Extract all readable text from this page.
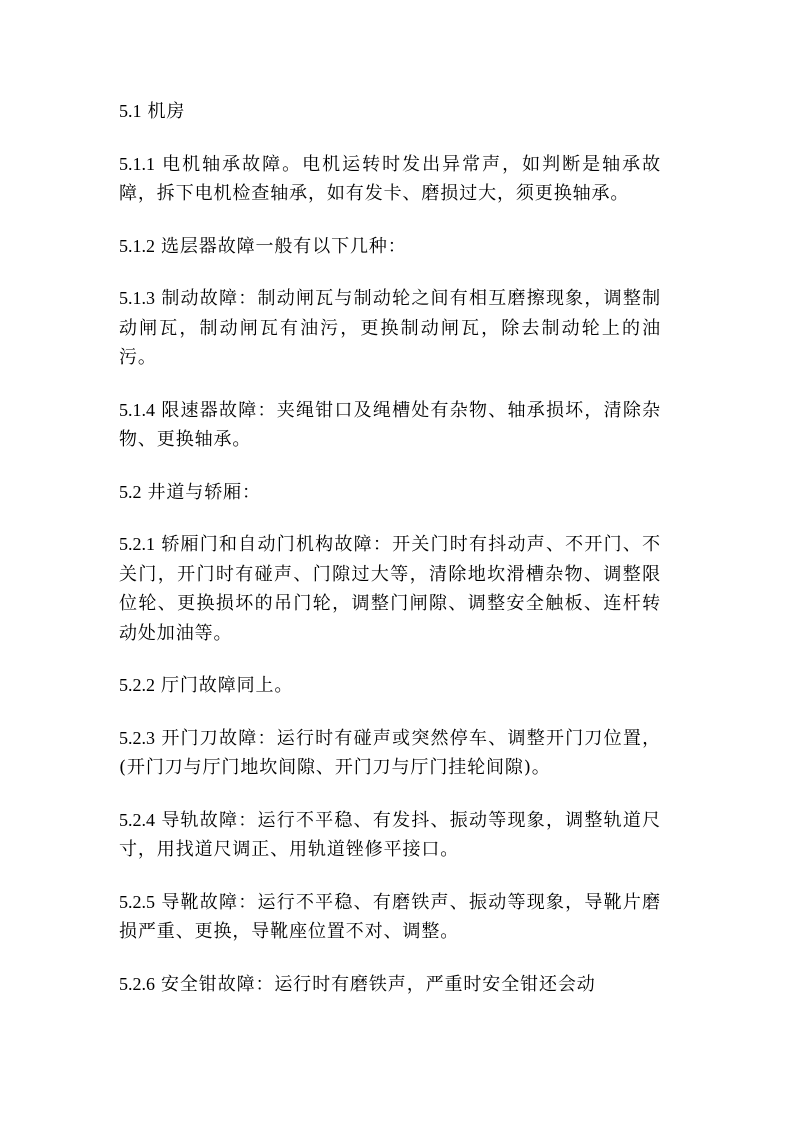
5.1 机房

5.1.1 电机轴承故障。电机运转时发出异常声，如判断是轴承故障，拆下电机检查轴承，如有发卡、磨损过大，须更换轴承。

5.1.2 选层器故障一般有以下几种：

5.1.3 制动故障：制动闸瓦与制动轮之间有相互磨擦现象，调整制动闸瓦，制动闸瓦有油污，更换制动闸瓦，除去制动轮上的油污。

5.1.4 限速器故障：夹绳钳口及绳槽处有杂物、轴承损坏，清除杂物、更换轴承。

5.2 井道与轿厢：

5.2.1 轿厢门和自动门机构故障：开关门时有抖动声、不开门、不关门，开门时有碰声、门隙过大等，清除地坎滑槽杂物、调整限位轮、更换损坏的吊门轮，调整门闸隙、调整安全触板、连杆转动处加油等。

5.2.2 厅门故障同上。

5.2.3 开门刀故障：运行时有碰声或突然停车、调整开门刀位置，(开门刀与厅门地坎间隙、开门刀与厅门挂轮间隙)。

5.2.4 导轨故障：运行不平稳、有发抖、振动等现象，调整轨道尺寸，用找道尺调正、用轨道锉修平接口。

5.2.5 导靴故障：运行不平稳、有磨铁声、振动等现象，导靴片磨损严重、更换，导靴座位置不对、调整。

5.2.6 安全钳故障：运行时有磨铁声，严重时安全钳还会动
